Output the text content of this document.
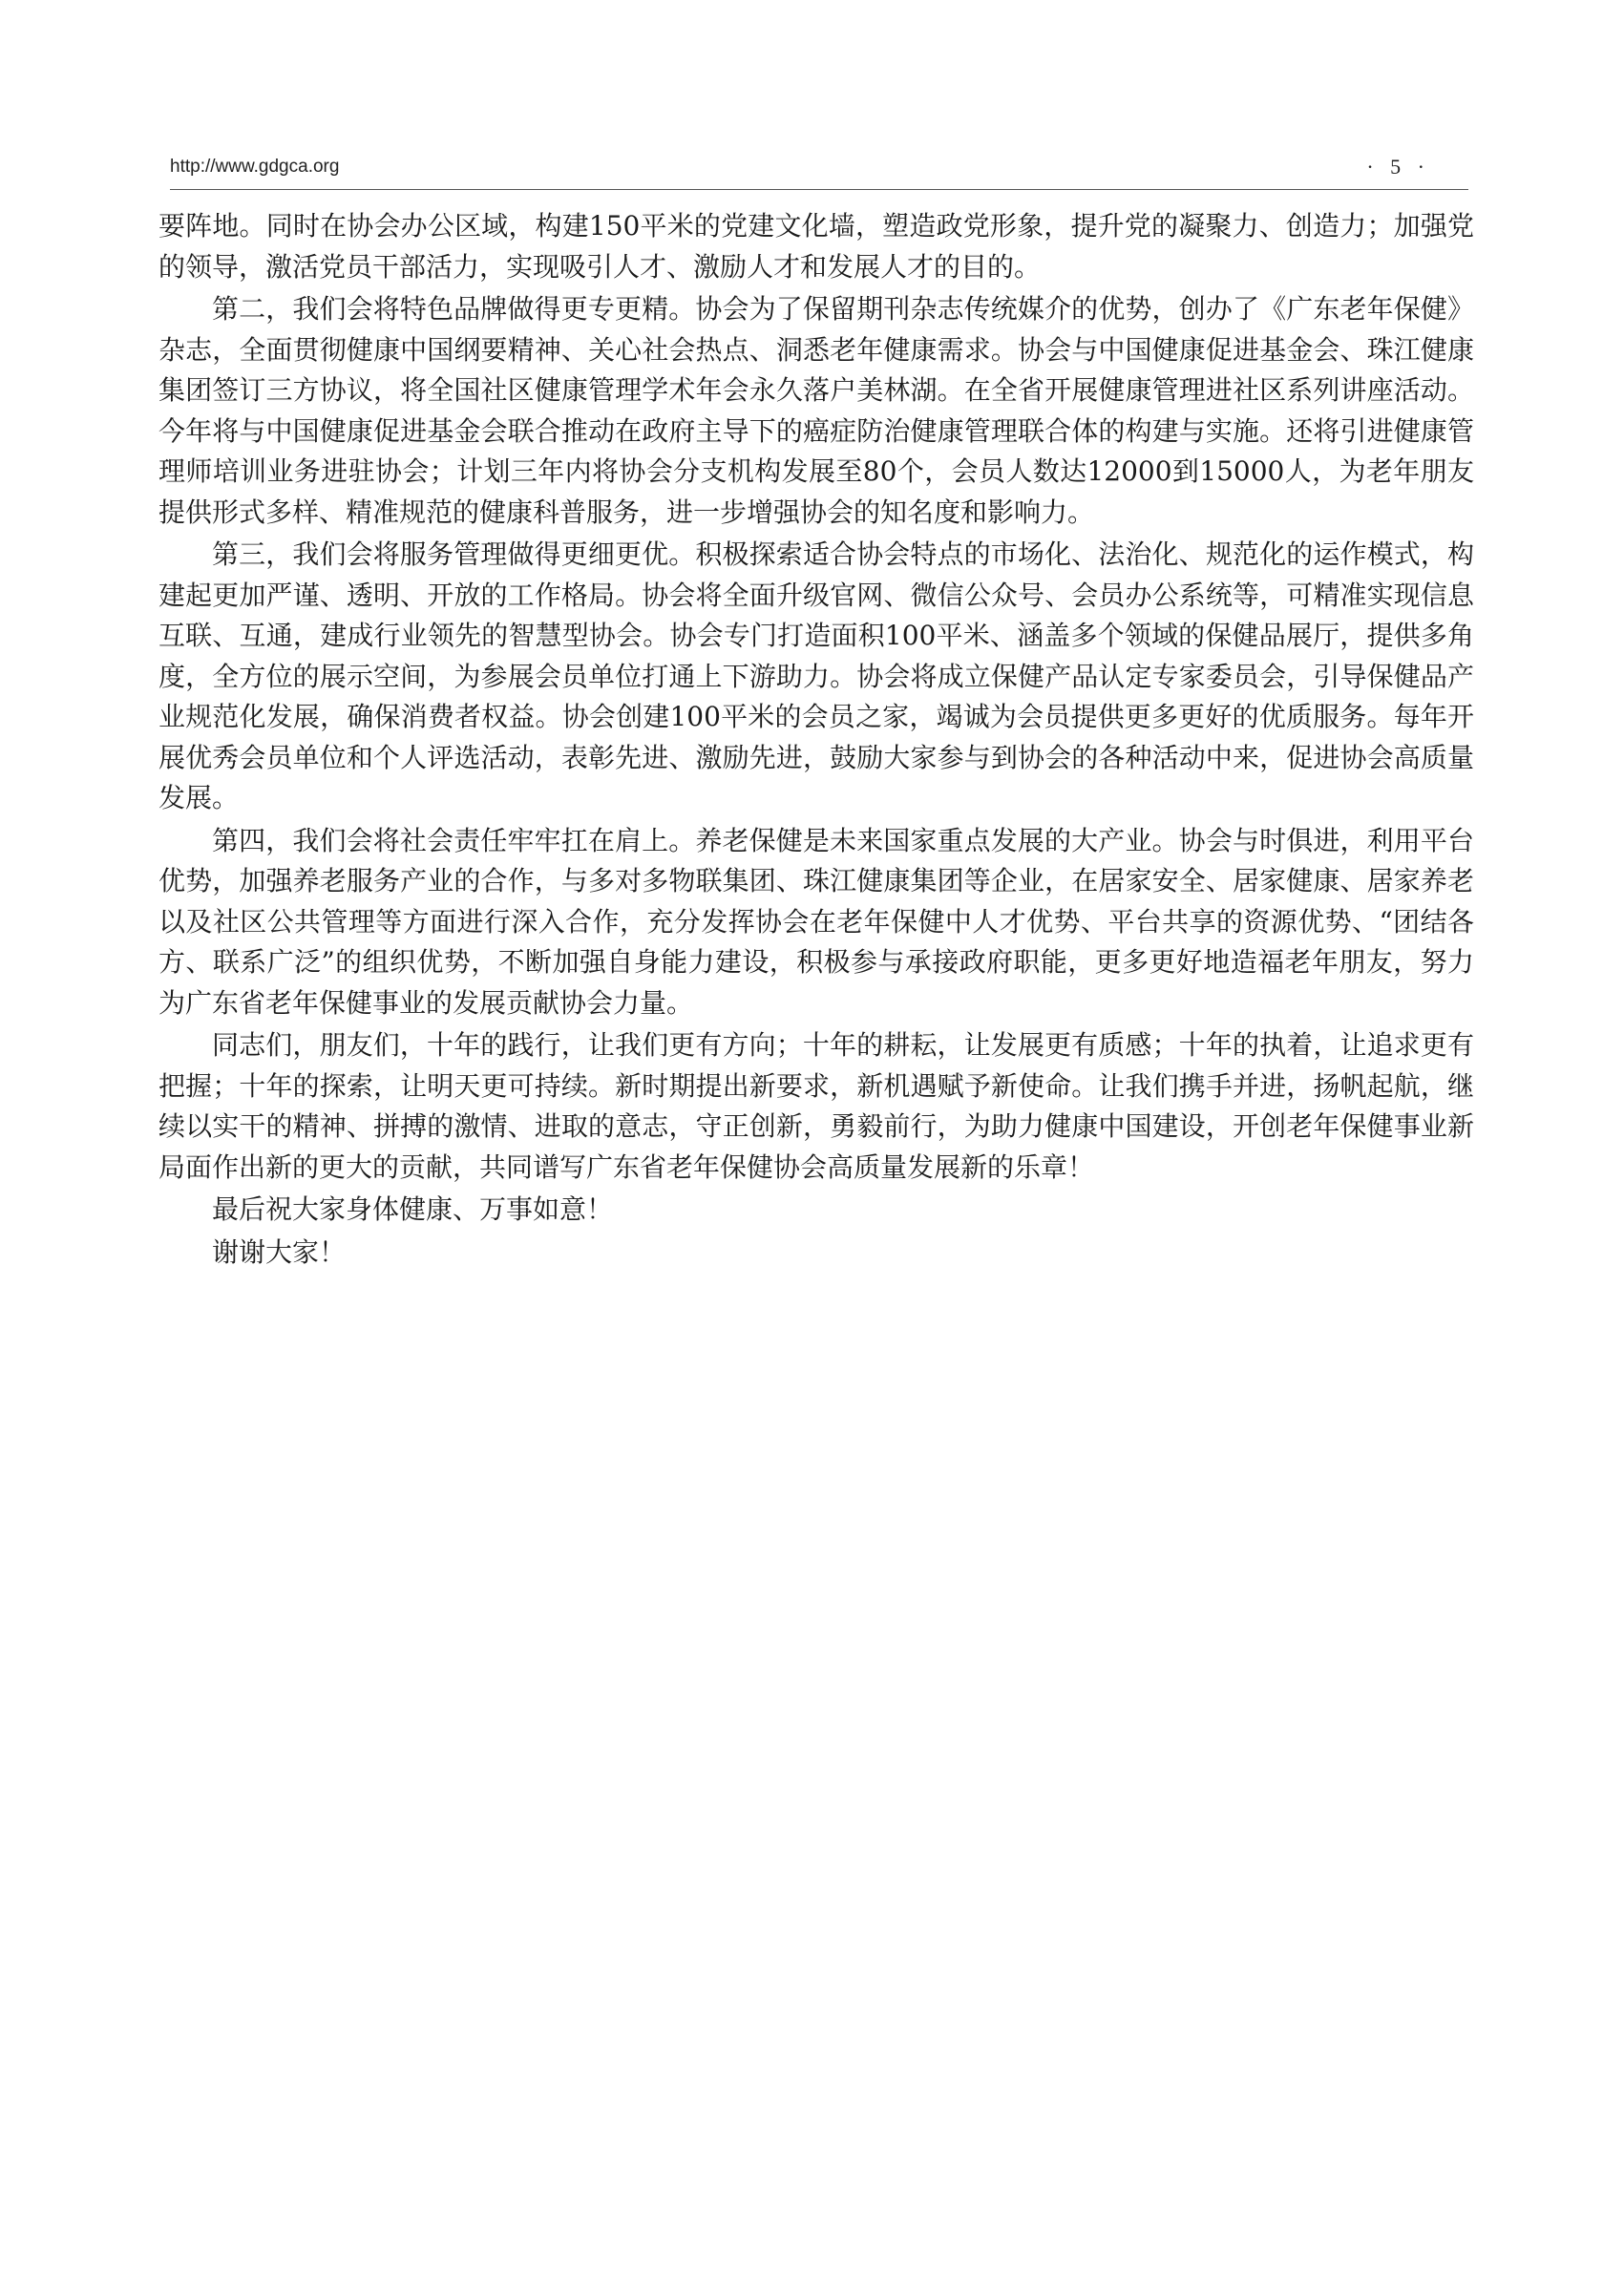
http://www.gdgca.org	· 5 ·

要阵地。同时在协会办公区域，构建150平米的党建文化墙，塑造政党形象，提升党的凝聚力、创造力；加强党的领导，激活党员干部活力，实现吸引人才、激励人才和发展人才的目的。

第二，我们会将特色品牌做得更专更精。协会为了保留期刊杂志传统媒介的优势，创办了《广东老年保健》杂志，全面贯彻健康中国纲要精神、关心社会热点、洞悉老年健康需求。协会与中国健康促进基金会、珠江健康集团签订三方协议，将全国社区健康管理学术年会永久落户美林湖。在全省开展健康管理进社区系列讲座活动。今年将与中国健康促进基金会联合推动在政府主导下的癌症防治健康管理联合体的构建与实施。还将引进健康管理师培训业务进驻协会；计划三年内将协会分支机构发展至80个，会员人数达12000到15000人，为老年朋友提供形式多样、精准规范的健康科普服务，进一步增强协会的知名度和影响力。

第三，我们会将服务管理做得更细更优。积极探索适合协会特点的市场化、法治化、规范化的运作模式，构建起更加严谨、透明、开放的工作格局。协会将全面升级官网、微信公众号、会员办公系统等，可精准实现信息互联、互通，建成行业领先的智慧型协会。协会专门打造面积100平米、涵盖多个领域的保健品展厅，提供多角度，全方位的展示空间，为参展会员单位打通上下游助力。协会将成立保健产品认定专家委员会，引导保健品产业规范化发展，确保消费者权益。协会创建100平米的会员之家，竭诚为会员提供更多更好的优质服务。每年开展优秀会员单位和个人评选活动，表彰先进、激励先进，鼓励大家参与到协会的各种活动中来，促进协会高质量发展。

第四，我们会将社会责任牢牢扛在肩上。养老保健是未来国家重点发展的大产业。协会与时俱进，利用平台优势，加强养老服务产业的合作，与多对多物联集团、珠江健康集团等企业，在居家安全、居家健康、居家养老以及社区公共管理等方面进行深入合作，充分发挥协会在老年保健中人才优势、平台共享的资源优势、“团结各方、联系广泛”的组织优势，不断加强自身能力建设，积极参与承接政府职能，更多更好地造福老年朋友，努力为广东省老年保健事业的发展贡献协会力量。

同志们，朋友们，十年的践行，让我们更有方向；十年的耕耘，让发展更有质感；十年的执着，让追求更有把握；十年的探索，让明天更可持续。新时期提出新要求，新机遇赋予新使命。让我们携手并进，扬帆起航，继续以实干的精神、拼搏的激情、进取的意志，守正创新，勇毅前行，为助力健康中国建设，开创老年保健事业新局面作出新的更大的贡献，共同谱写广东省老年保健协会高质量发展新的乐章！

最后祝大家身体健康、万事如意！

谢谢大家！
